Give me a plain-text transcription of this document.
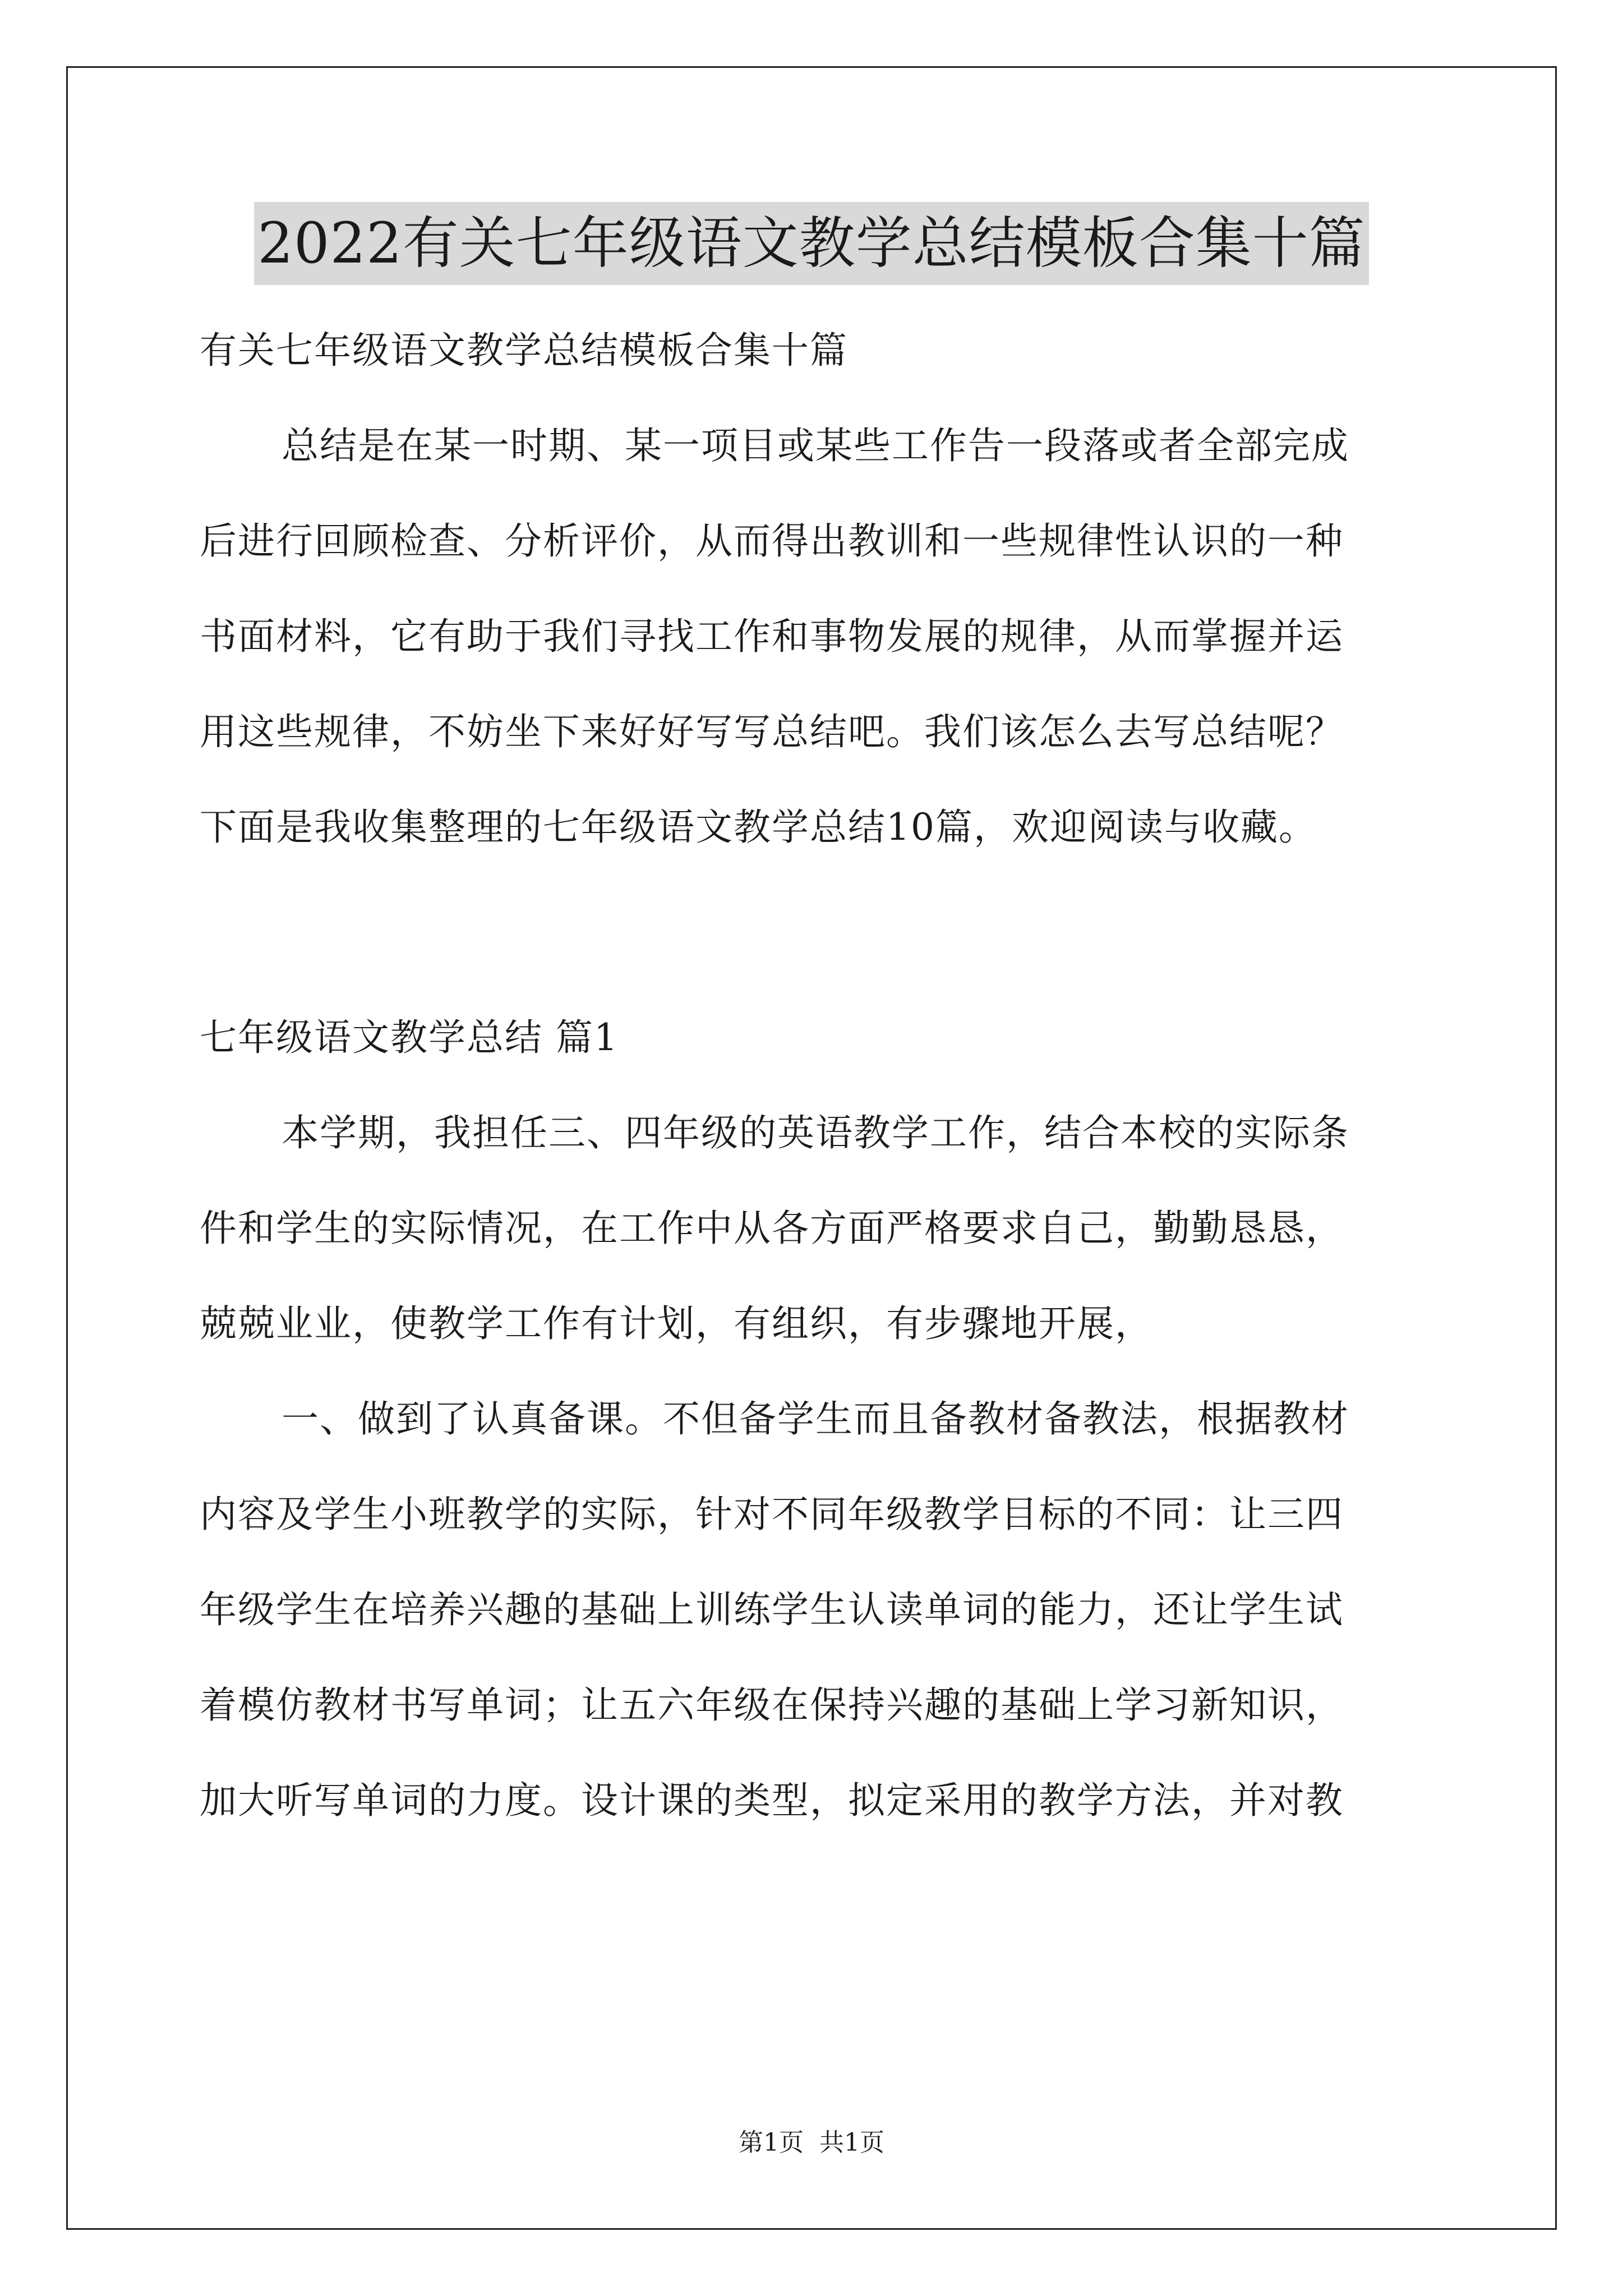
2022有关七年级语文教学总结模板合集十篇
有关七年级语文教学总结模板合集十篇
总结是在某一时期、某一项目或某些工作告一段落或者全部完成
后进行回顾检查、分析评价，从而得出教训和一些规律性认识的一种
书面材料，它有助于我们寻找工作和事物发展的规律，从而掌握并运
用这些规律，不妨坐下来好好写写总结吧。我们该怎么去写总结呢？
下面是我收集整理的七年级语文教学总结10篇，欢迎阅读与收藏。
七年级语文教学总结 篇1
本学期，我担任三、四年级的英语教学工作，结合本校的实际条
件和学生的实际情况，在工作中从各方面严格要求自己，勤勤恳恳，
兢兢业业，使教学工作有计划，有组织，有步骤地开展，
一、做到了认真备课。不但备学生而且备教材备教法，根据教材
内容及学生小班教学的实际，针对不同年级教学目标的不同：让三四
年级学生在培养兴趣的基础上训练学生认读单词的能力，还让学生试
着模仿教材书写单词；让五六年级在保持兴趣的基础上学习新知识，
加大听写单词的力度。设计课的类型，拟定采用的教学方法，并对教
第1页 共1页
